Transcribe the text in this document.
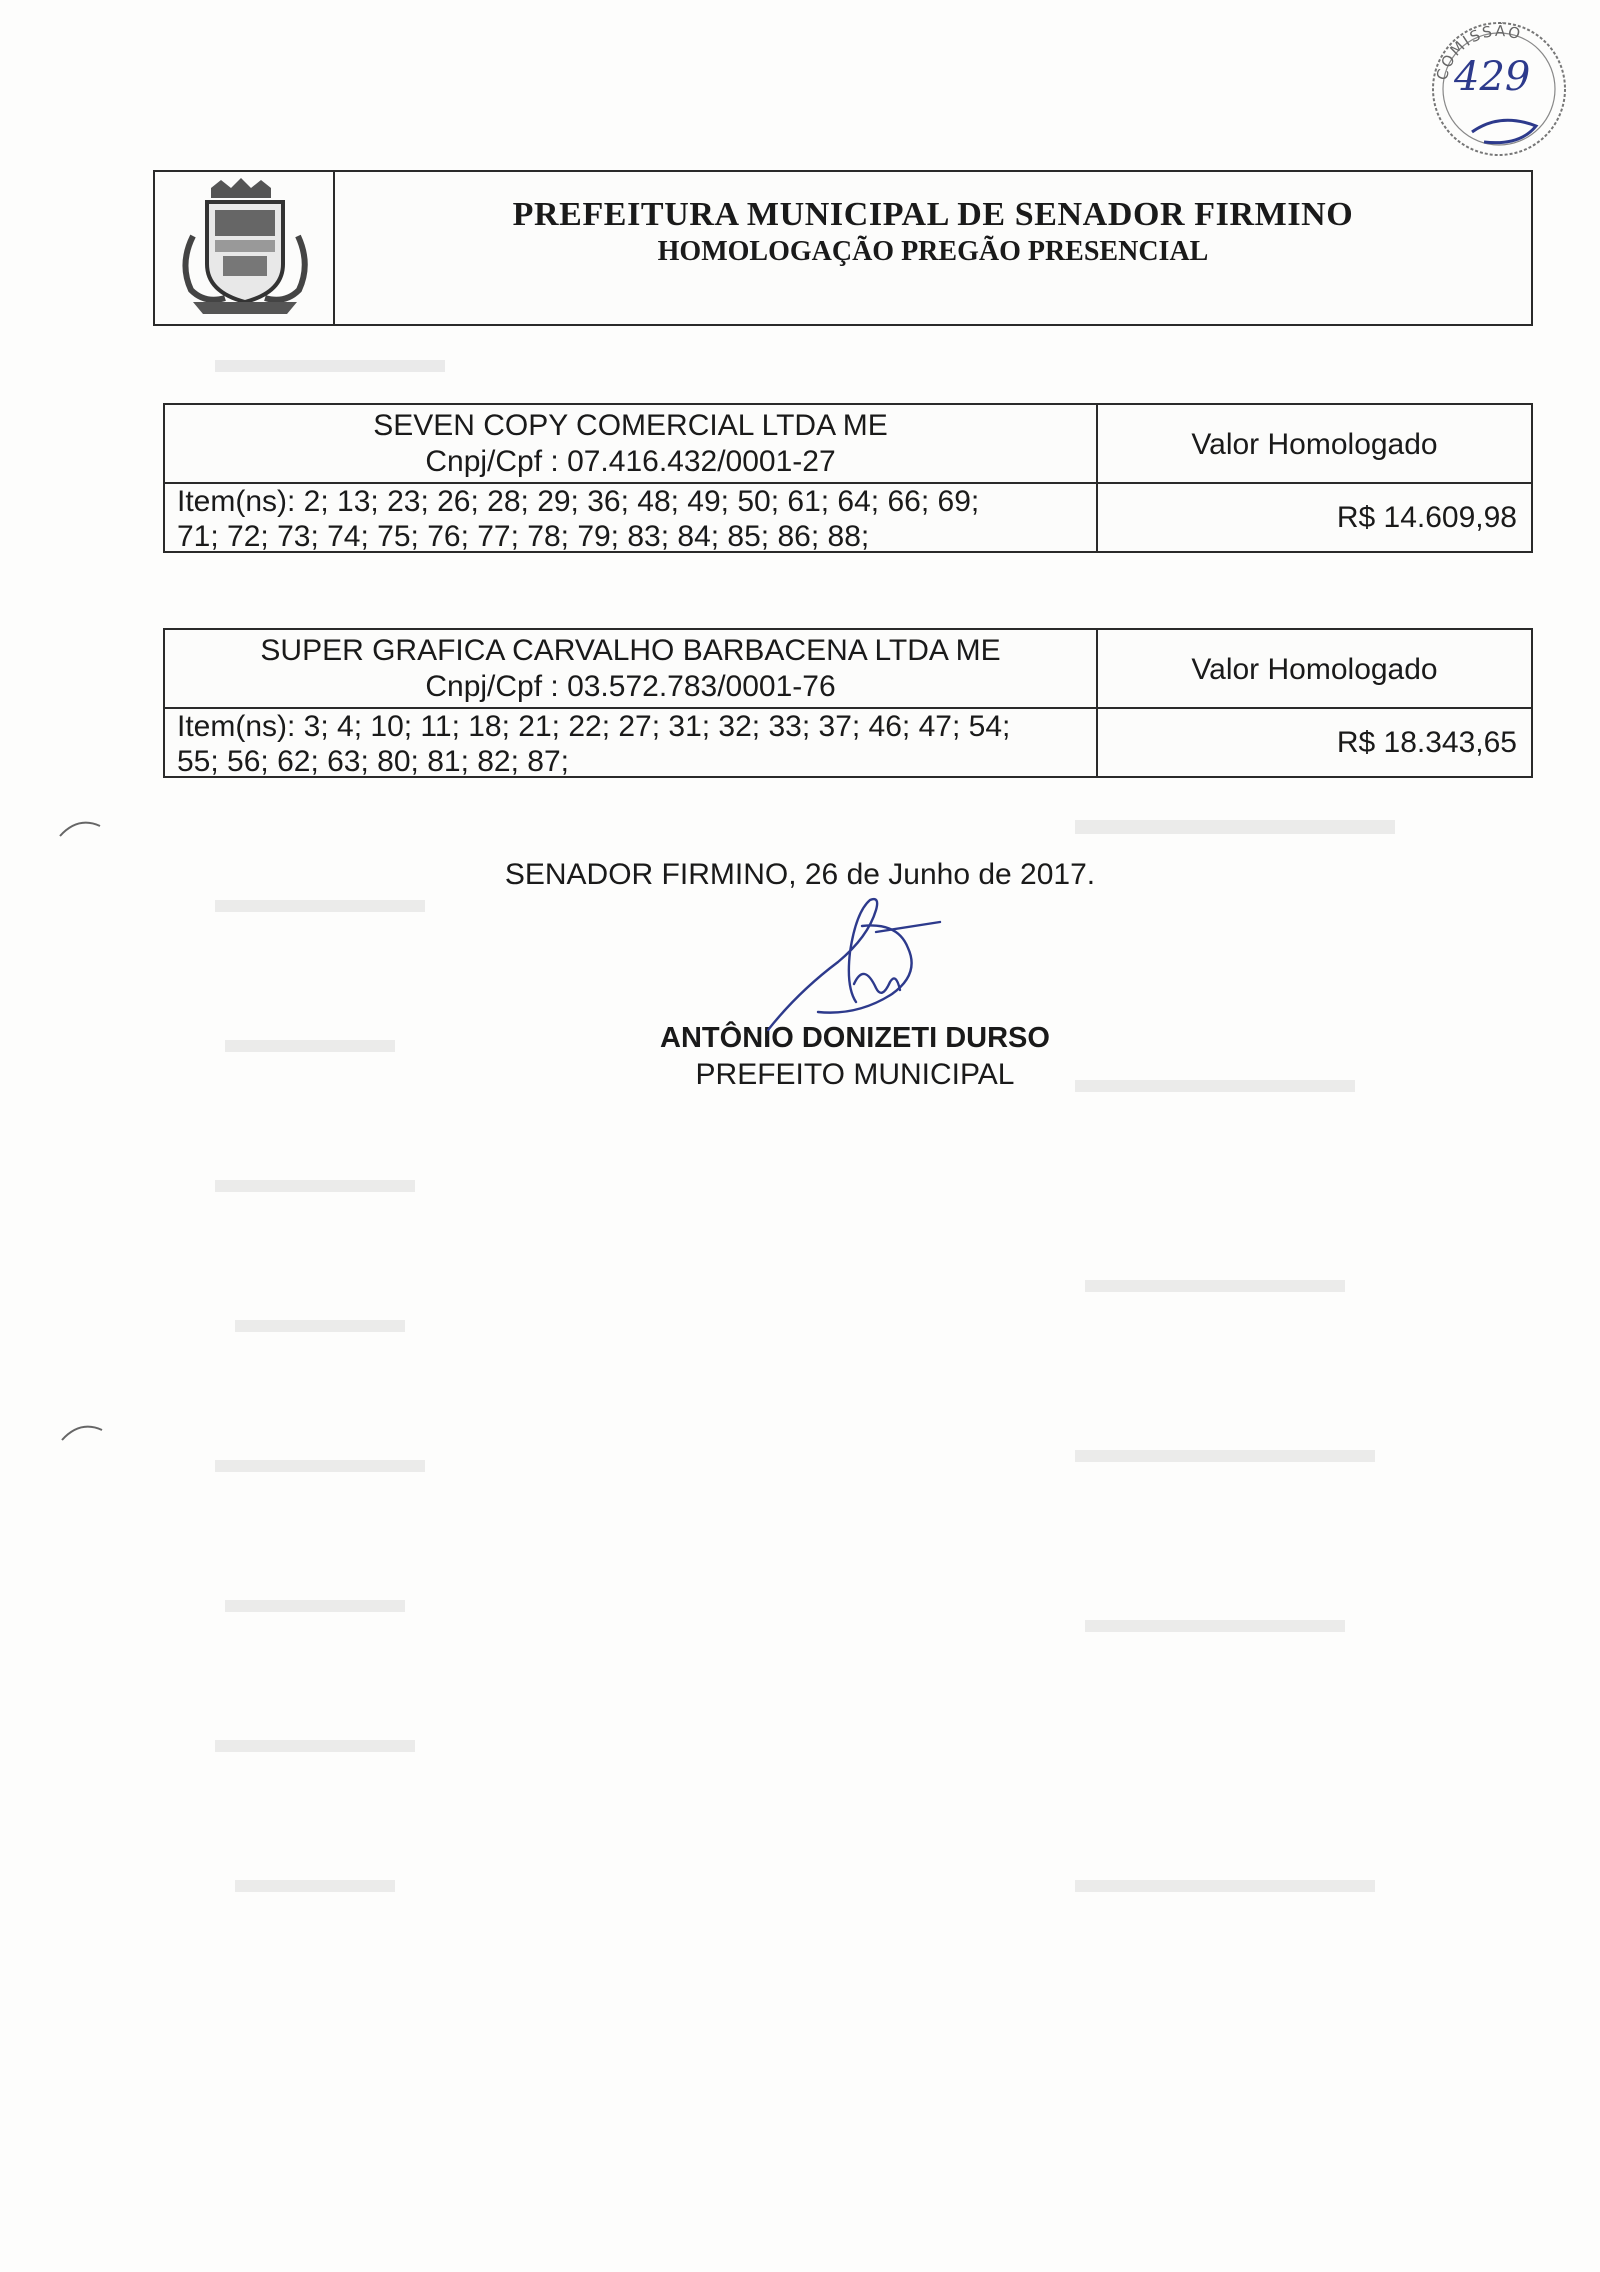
PREFEITURA MUNICIPAL DE SENADOR FIRMINO
HOMOLOGAÇÃO PREGÃO PRESENCIAL
SEVEN COPY COMERCIAL LTDA ME
Cnpj/Cpf : 07.416.432/0001-27
Valor Homologado
Item(ns): 2; 13; 23; 26; 28; 29; 36; 48; 49; 50; 61; 64; 66; 69;
71; 72; 73; 74; 75; 76; 77; 78; 79; 83; 84; 85; 86; 88;
R$ 14.609,98
SUPER GRAFICA CARVALHO BARBACENA LTDA ME
Cnpj/Cpf : 03.572.783/0001-76
Valor Homologado
Item(ns): 3; 4; 10; 11; 18; 21; 22; 27; 31; 32; 33; 37; 46; 47; 54;
55; 56; 62; 63; 80; 81; 82; 87;
R$ 18.343,65
SENADOR FIRMINO, 26 de Junho de 2017.
ANTÔNIO DONIZETI DURSO
PREFEITO MUNICIPAL
COMISSÃO
429
